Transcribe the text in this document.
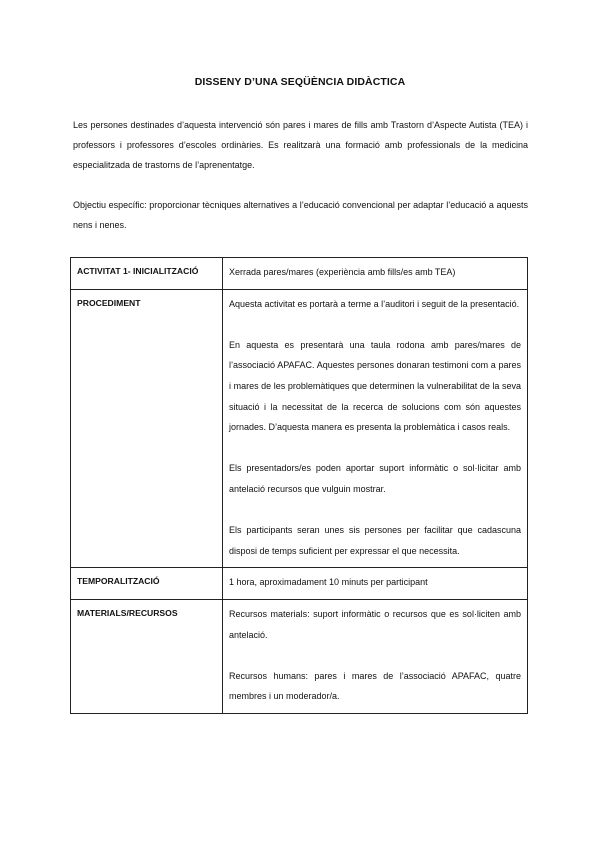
DISSENY D’UNA SEQÜÈNCIA DIDÀCTICA

Les persones destinades d’aquesta intervenció són pares i mares de fills amb Trastorn d’Aspecte Autista (TEA) i professors i professores d’escoles ordinàries. Es realitzarà una formació amb professionals de la medicina especialitzada de trastorns de l’aprenentatge.

Objectiu específic: proporcionar tècniques alternatives a l’educació convencional per adaptar l’educació a aquests nens i nenes.

ACTIVITAT 1- INICIALITZACIÓ	Xerrada pares/mares (experiència amb fills/es amb TEA)

PROCEDIMENT	Aquesta activitat es portarà a terme a l’auditori i seguit de la presentació.

En aquesta es presentarà una taula rodona amb pares/mares de l’associació APAFAC. Aquestes persones donaran testimoni com a pares i mares de les problemàtiques que determinen la vulnerabilitat de la seva situació i la necessitat de la recerca de solucions com són aquestes jornades. D’aquesta manera es presenta la problemàtica i casos reals.

Els presentadors/es poden aportar suport informàtic o sol·licitar amb antelació recursos que vulguin mostrar.

Els participants seran unes sis persones per facilitar que cadascuna disposi de temps suficient per expressar el que necessita.

TEMPORALITZACIÓ	1 hora, aproximadament 10 minuts per participant

MATERIALS/RECURSOS	Recursos materials: suport informàtic o recursos que es sol·liciten amb antelació.

Recursos humans: pares i mares de l’associació APAFAC, quatre membres i un moderador/a.
